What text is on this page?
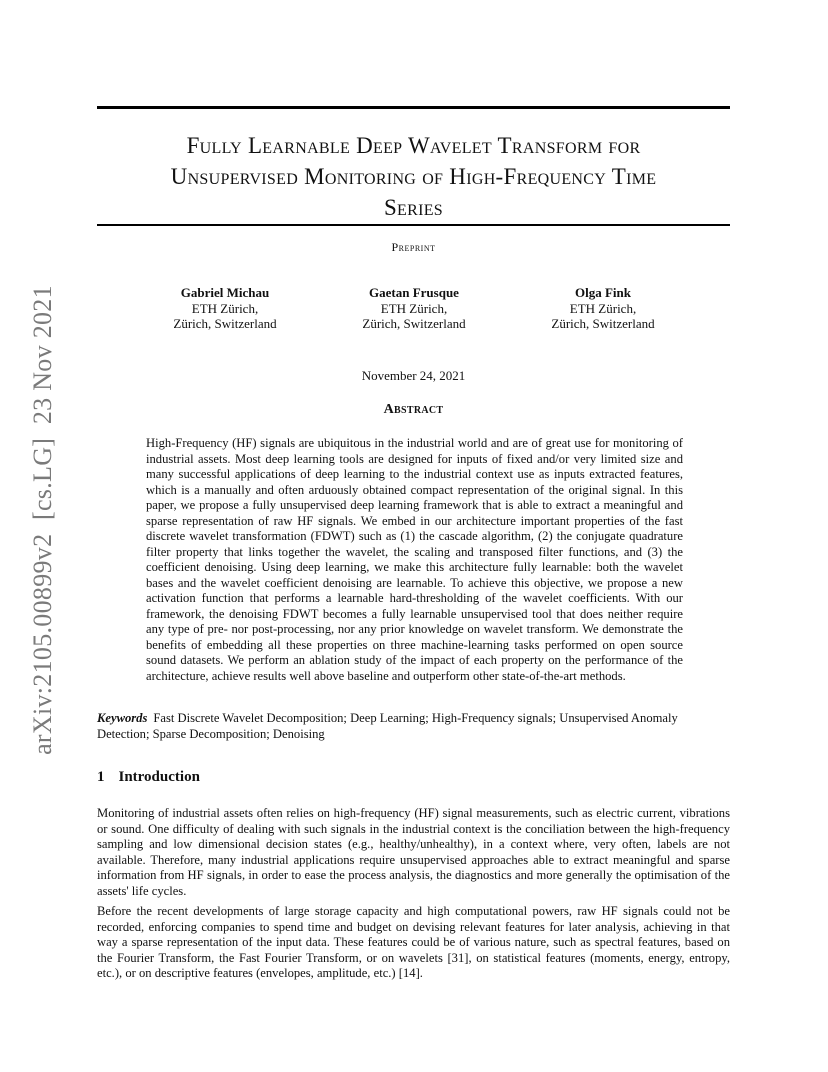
Fully Learnable Deep Wavelet Transform for
Unsupervised Monitoring of High-Frequency Time
Series
Preprint
Gabriel Michau
ETH Zürich,
Zürich, Switzerland
Gaetan Frusque
ETH Zürich,
Zürich, Switzerland
Olga Fink
ETH Zürich,
Zürich, Switzerland
November 24, 2021
Abstract

High-Frequency (HF) signals are ubiquitous in the industrial world and are of great use for monitoring of industrial assets. Most deep learning tools are designed for inputs of fixed and/or very limited size and many successful applications of deep learning to the industrial context use as inputs extracted features, which is a manually and often arduously obtained compact representation of the original signal. In this paper, we propose a fully unsupervised deep learning framework that is able to extract a meaningful and sparse representation of raw HF signals. We embed in our architecture important properties of the fast discrete wavelet transformation (FDWT) such as (1) the cascade algorithm, (2) the conjugate quadrature filter property that links together the wavelet, the scaling and transposed filter functions, and (3) the coefficient denoising. Using deep learning, we make this architecture fully learnable: both the wavelet bases and the wavelet coefficient denoising are learnable. To achieve this objective, we propose a new activation function that performs a learnable hard-thresholding of the wavelet coefficients. With our framework, the denoising FDWT becomes a fully learnable unsupervised tool that does neither require any type of pre- nor post-processing, nor any prior knowledge on wavelet transform. We demonstrate the benefits of embedding all these properties on three machine-learning tasks performed on open source sound datasets. We perform an ablation study of the impact of each property on the performance of the architecture, achieve results well above baseline and outperform other state-of-the-art methods.

Keywords Fast Discrete Wavelet Decomposition; Deep Learning; High-Frequency signals; Unsupervised Anomaly Detection; Sparse Decomposition; Denoising

1 Introduction

Monitoring of industrial assets often relies on high-frequency (HF) signal measurements, such as electric current, vibrations or sound. One difficulty of dealing with such signals in the industrial context is the conciliation between the high-frequency sampling and low dimensional decision states (e.g., healthy/unhealthy), in a context where, very often, labels are not available. Therefore, many industrial applications require unsupervised approaches able to extract meaningful and sparse information from HF signals, in order to ease the process analysis, the diagnostics and more generally the optimisation of the assets' life cycles.

Before the recent developments of large storage capacity and high computational powers, raw HF signals could not be recorded, enforcing companies to spend time and budget on devising relevant features for later analysis, achieving in that way a sparse representation of the input data. These features could be of various nature, such as spectral features, based on the Fourier Transform, the Fast Fourier Transform, or on wavelets [31], on statistical features (moments, energy, entropy, etc.), or on descriptive features (envelopes, amplitude, etc.) [14].

arXiv:2105.00899v2  [cs.LG]  23 Nov 2021
